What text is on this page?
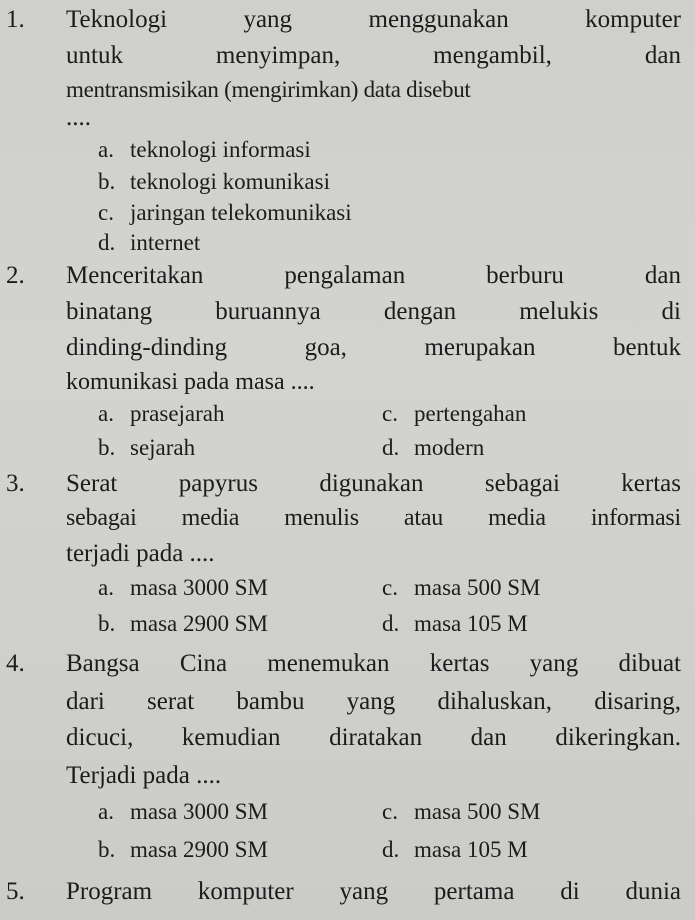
1. Teknologi yang menggunakan komputer
untuk menyimpan, mengambil, dan
mentransmisikan (mengirimkan) data disebut
....
a. teknologi informasi
b. teknologi komunikasi
c. jaringan telekomunikasi
d. internet
2. Menceritakan pengalaman berburu dan
binatang buruannya dengan melukis di
dinding-dinding goa, merupakan bentuk
komunikasi pada masa ....
a. prasejarah	c. pertengahan
b. sejarah	d. modern
3. Serat papyrus digunakan sebagai kertas
sebagai media menulis atau media informasi
terjadi pada ....
a. masa 3000 SM	c. masa 500 SM
b. masa 2900 SM	d. masa 105 M
4. Bangsa Cina menemukan kertas yang dibuat
dari serat bambu yang dihaluskan, disaring,
dicuci, kemudian diratakan dan dikeringkan.
Terjadi pada ....
a. masa 3000 SM	c. masa 500 SM
b. masa 2900 SM	d. masa 105 M
5. Program komputer yang pertama di dunia
